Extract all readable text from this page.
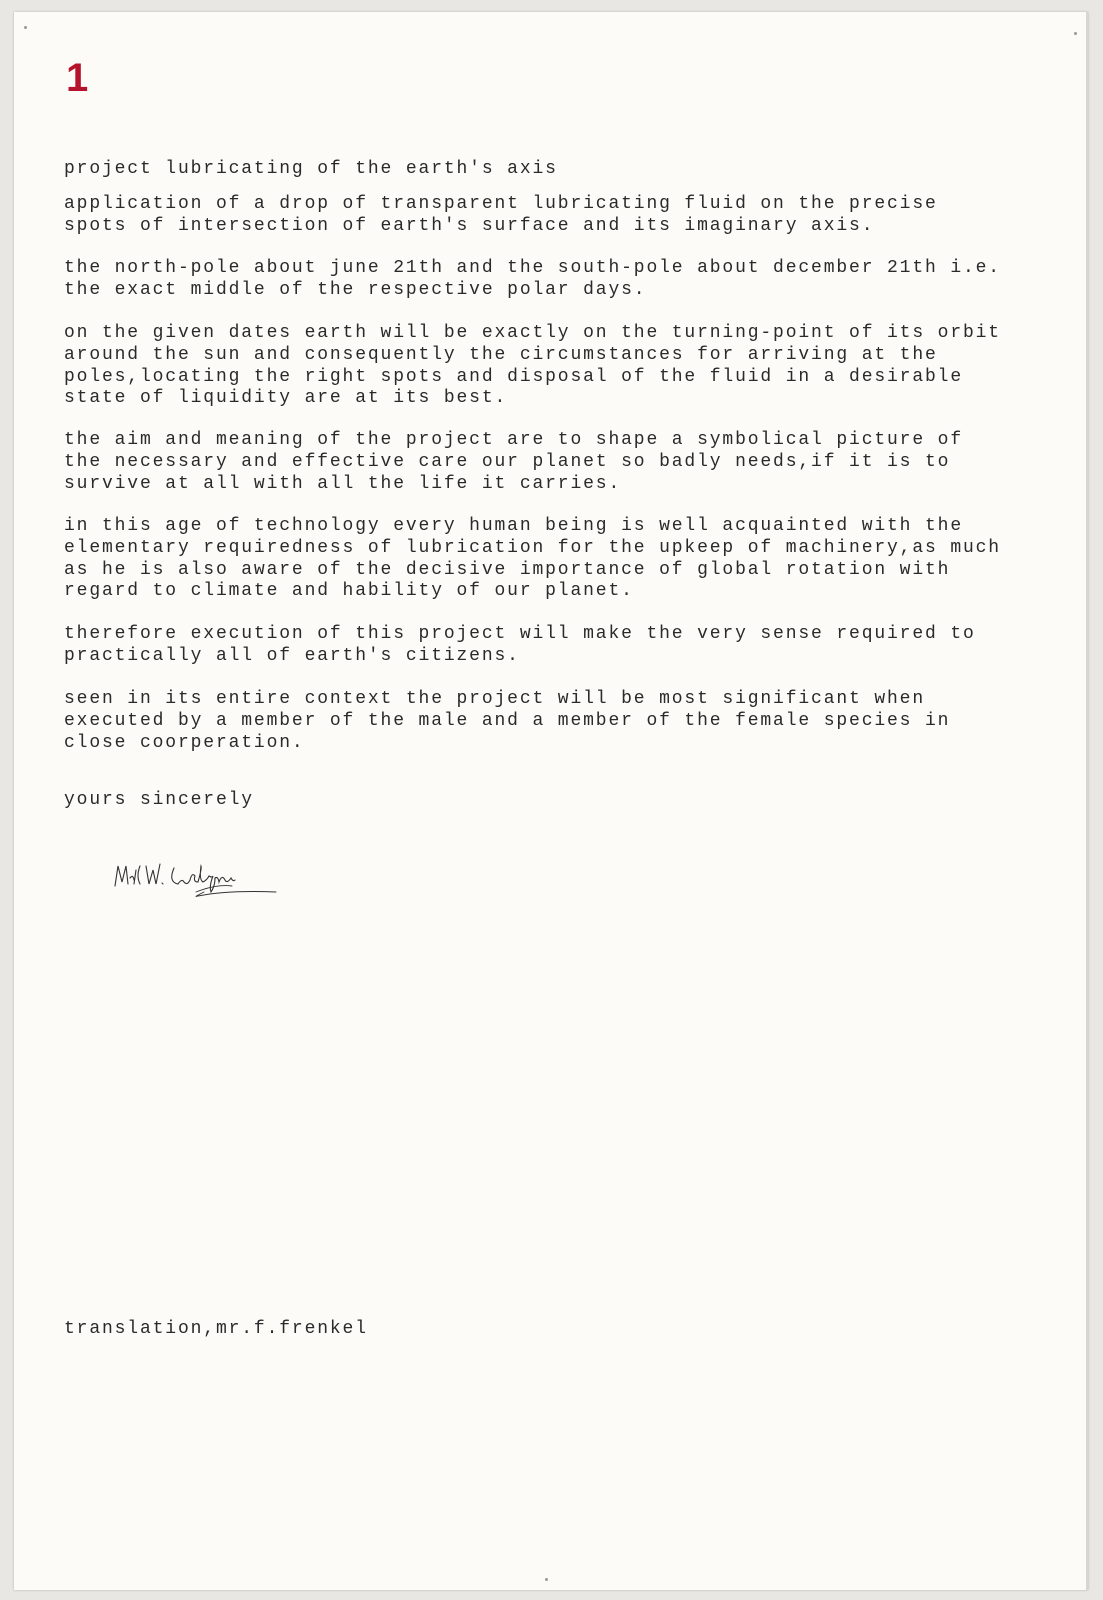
1

project lubricating of the earth's axis

application of a drop of transparent lubricating fluid on the precise
spots of intersection of earth's surface and its imaginary axis.

the north-pole about june 21th and the south-pole about december 21th i.e.
the exact middle of the respective polar days.

on the given dates earth will be exactly on the turning-point of its orbit
around the sun and consequently the circumstances for arriving at the
poles,locating the right spots and disposal of the fluid in a desirable
state of liquidity are at its best.

the aim and meaning of the project are to shape a symbolical picture of
the necessary and effective care our planet so badly needs,if it is to
survive at all with all the life it carries.

in this age of technology every human being is well acquainted with the
elementary requiredness of lubrication for the upkeep of machinery,as much
as he is also aware of the decisive importance of global rotation with
regard to climate and hability of our planet.

therefore execution of this project will make the very sense required to
practically all of earth's citizens.

seen in its entire context the project will be most significant when
executed by a member of the male and a member of the female species in
close coorperation.

yours sincerely

translation,mr.f.frenkel
